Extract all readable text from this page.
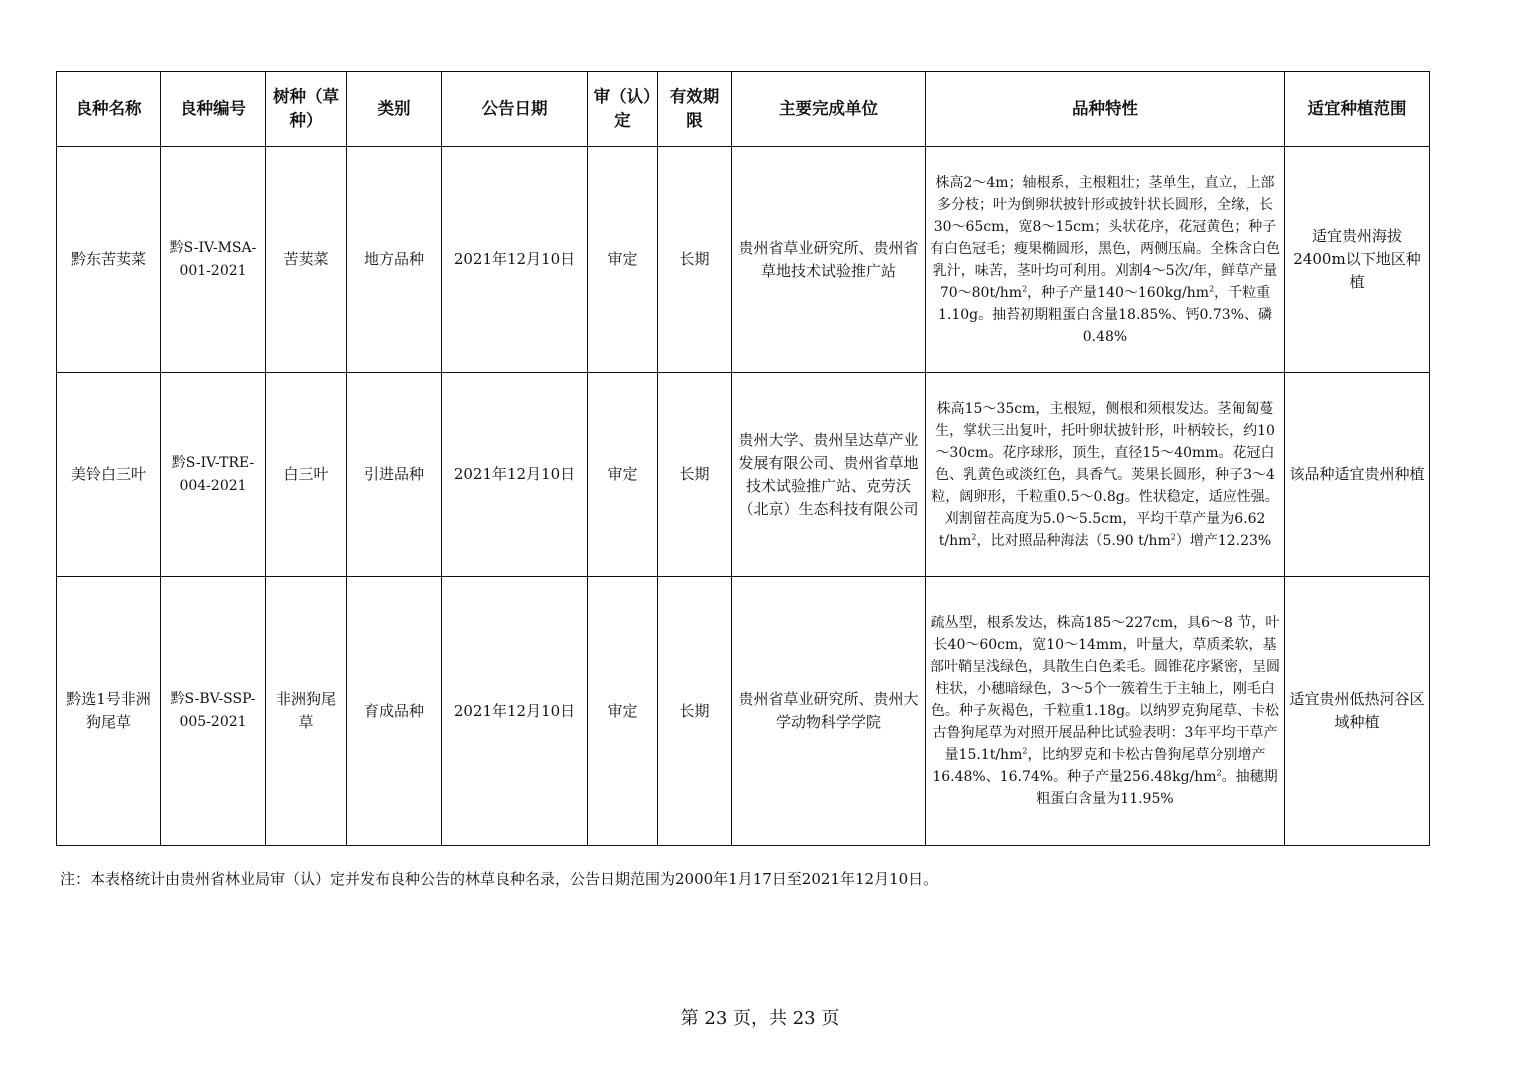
良种名称	良种编号	树种（草种）	类别	公告日期	审（认）定	有效期限	主要完成单位	品种特性	适宜种植范围
黔东苦荬菜	黔S-IV-MSA-001-2021	苦荬菜	地方品种	2021年12月10日	审定	长期	贵州省草业研究所、贵州省草地技术试验推广站	株高2～4m；轴根系，主根粗壮；茎单生，直立，上部多分枝；叶为倒卵状披针形或披针状长圆形，全缘，长30～65cm，宽8～15cm；头状花序，花冠黄色；种子有白色冠毛；瘦果椭圆形，黑色，两侧压扁。全株含白色乳汁，味苦，茎叶均可利用。刈割4～5次/年，鲜草产量$70\sim 80t/hm^2$，种子产量$140\sim 160kg/hm^2$，千粒重1.10g。抽苔初期粗蛋白含量18.85%、钙0.73%、磷0.48%	适宜贵州海拔2400m以下地区种植
美铃白三叶	黔S-IV-TRE-004-2021	白三叶	引进品种	2021年12月10日	审定	长期	贵州大学、贵州呈达草产业发展有限公司、贵州省草地技术试验推广站、克劳沃（北京）生态科技有限公司	株高15～35cm，主根短，侧根和须根发达。茎匍匐蔓生，掌状三出复叶，托叶卵状披针形，叶柄较长，约10～30cm。花序球形，顶生，直径15～40mm。花冠白色、乳黄色或淡红色，具香气。荚果长圆形，种子3～4粒，阔卵形，千粒重0.5～0.8g。性状稳定，适应性强。刈割留茬高度为5.0～5.5cm，平均干草产量为6.62 $t/hm^2$，比对照品种海法（5.90 $t/hm^2$）增产12.23%	该品种适宜贵州种植
黔选1号非洲狗尾草	黔S-BV-SSP-005-2021	非洲狗尾草	育成品种	2021年12月10日	审定	长期	贵州省草业研究所、贵州大学动物科学学院	疏丛型，根系发达，株高185～227cm，具6～8 节，叶长40～60cm，宽10～14mm，叶量大，草质柔软，基部叶鞘呈浅绿色，具散生白色柔毛。圆锥花序紧密，呈圆柱状，小穗暗绿色，3～5个一簇着生于主轴上，刚毛白色。种子灰褐色，千粒重1.18g。以纳罗克狗尾草、卡松古鲁狗尾草为对照开展品种比试验表明：3年平均干草产量$15.1t/hm^2$，比纳罗克和卡松古鲁狗尾草分别增产16.48%、16.74%。种子产量$256.48kg/hm^2$。抽穗期粗蛋白含量为11.95%	适宜贵州低热河谷区域种植
注：本表格统计由贵州省林业局审（认）定并发布良种公告的林草良种名录，公告日期范围为2000年1月17日至2021年12月10日。
第 23 页，共 23 页
